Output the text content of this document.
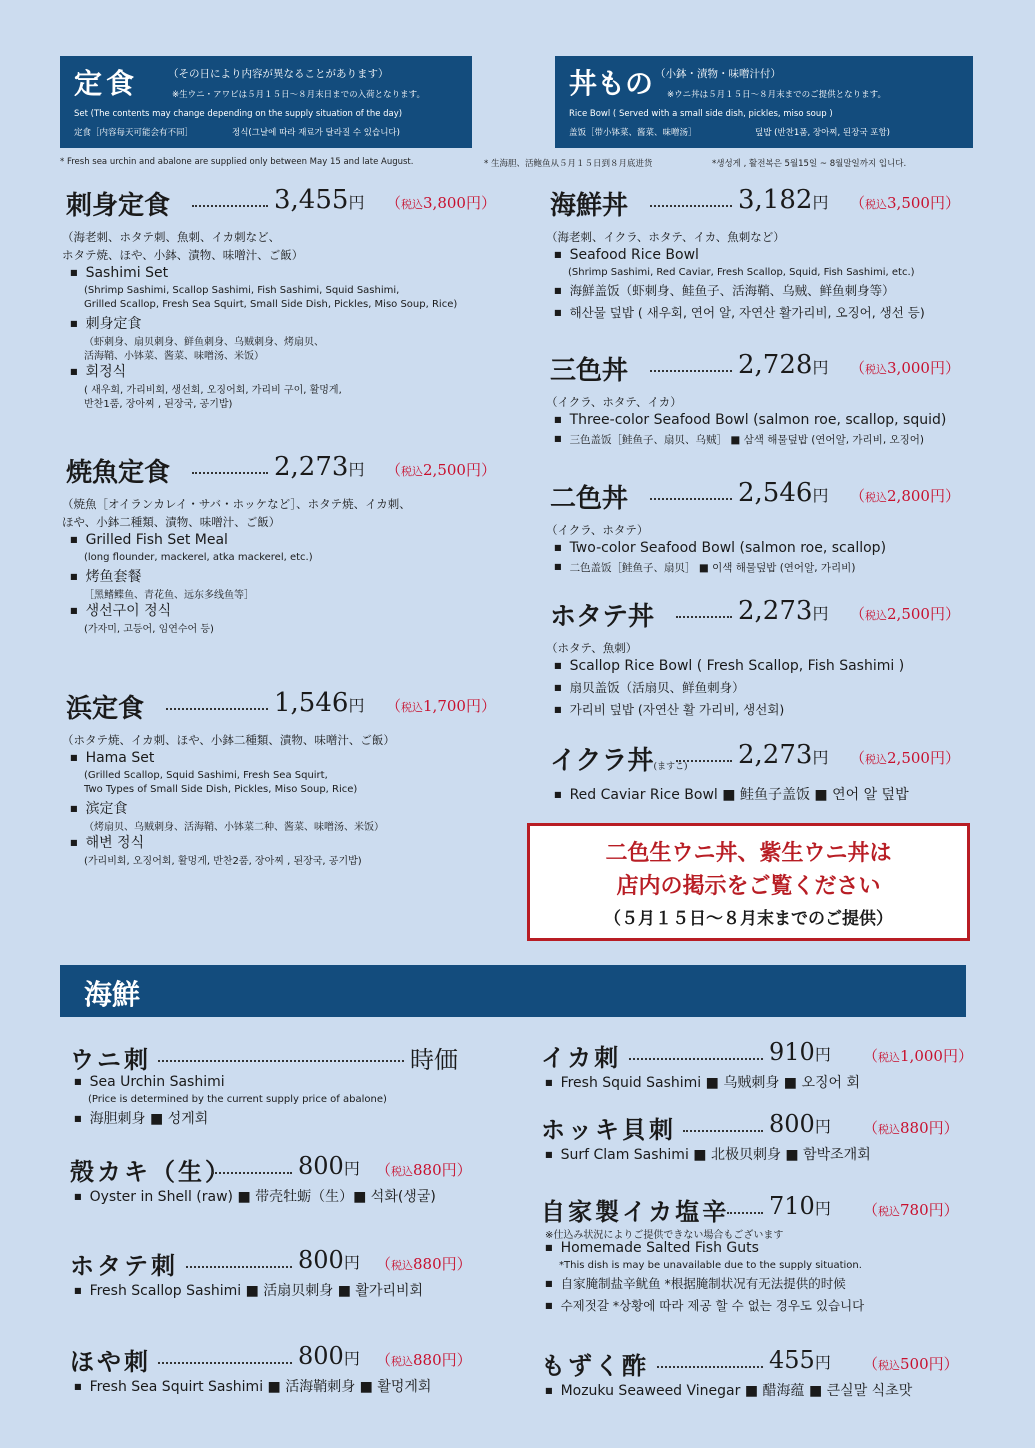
定食	（その日により内容が異なることがあります）
※生ウニ・アワビは５月１５日～８月末日までの入荷となります。
Set (The contents may change depending on the supply situation of the day)
定食［内容每天可能会有不同］	정식(그날에 따라 재료가 달라질 수 있습니다)
丼もの （小鉢・漬物・味噌汁付）
※ウニ丼は５月１５日～８月末までのご提供となります。
Rice Bowl ( Served with a small side dish, pickles, miso soup )
盖饭［带小钵菜、酱菜、味噌汤］	덮밥 (반찬1품, 장아찌, 된장국 포함)
* Fresh sea urchin and abalone are supplied only between May 15 and late August.	* 生海胆、活鲍鱼从５月１５日到８月底进货	*생성게 , 활전복은 5월15일 ~ 8월말일까지 입니다.
刺身定食	3,455円 （税込3,800円）
（海老刺、ホタテ刺、魚刺、イカ刺など、
ホタテ焼、ほや、小鉢、漬物、味噌汁、ご飯）
■ Sashimi Set
(Shrimp Sashimi, Scallop Sashimi, Fish Sashimi, Squid Sashimi,
Grilled Scallop, Fresh Sea Squirt, Small Side Dish, Pickles, Miso Soup, Rice)
■ 刺身定食
（虾刺身、扇贝刺身、鲜鱼刺身、乌贼刺身、烤扇贝、
活海鞘、小钵菜、酱菜、味噌汤、米饭）
■ 회정식
( 새우회, 가리비회, 생선회, 오징어회, 가리비 구이, 활멍게,
반찬1품, 장아찌 , 된장국, 공기밥)
焼魚定食	2,273円 （税込2,500円）
（焼魚［オイランカレイ・サバ・ホッケなど］、ホタテ焼、イカ刺、
ほや、小鉢二種類、漬物、味噌汁、ご飯）
■ Grilled Fish Set Meal
(long flounder, mackerel, atka mackerel, etc.)
■ 烤鱼套餐
［黑鳍鲽鱼、青花鱼、远东多线鱼等］
■ 생선구이 정식
(가자미, 고등어, 임연수어 등)
浜定食	1,546円 （税込1,700円）
（ホタテ焼、イカ刺、ほや、小鉢二種類、漬物、味噌汁、ご飯）
■ Hama Set
(Grilled Scallop, Squid Sashimi, Fresh Sea Squirt,
Two Types of Small Side Dish, Pickles, Miso Soup, Rice)
■ 滨定食
（烤扇贝、乌贼刺身、活海鞘、小钵菜二种、酱菜、味噌汤、米饭）
■ 해변 정식
(가리비회, 오징어회, 활멍게, 반찬2품, 장아찌 , 된장국, 공기밥)
海鮮丼	3,182円 （税込3,500円）
（海老刺、イクラ、ホタテ、イカ、魚刺など）
■ Seafood Rice Bowl
(Shrimp Sashimi, Red Caviar, Fresh Scallop, Squid, Fish Sashimi, etc.)
■ 海鮮盖饭（虾刺身、鲑鱼子、活海鞘、乌贼、鲜鱼刺身等）
■ 해산물 덮밥 ( 새우회, 연어 알, 자연산 활가리비, 오징어, 생선 등)
三色丼	2,728円 （税込3,000円）
（イクラ、ホタテ、イカ）
■ Three-color Seafood Bowl (salmon roe, scallop, squid)
■ 三色盖饭［鲑鱼子、扇贝、乌贼］ ■ 삼색 해물덮밥 (연어알, 가리비, 오징어)
二色丼	2,546円 （税込2,800円）
（イクラ、ホタテ）
■ Two-color Seafood Bowl (salmon roe, scallop)
■ 二色盖饭［鲑鱼子、扇贝］ ■ 이색 해물덮밥 (연어알, 가리비)
ホタテ丼	2,273円 （税込2,500円）
（ホタテ、魚刺）
■ Scallop Rice Bowl ( Fresh Scallop, Fish Sashimi )
■ 扇贝盖饭（活扇贝、鲜鱼刺身）
■ 가리비 덮밥 (자연산 활 가리비, 생선회)
イクラ丼(ますこ) 2,273円 （税込2,500円）
■ Red Caviar Rice Bowl ■ 鲑鱼子盖饭 ■ 연어 알 덮밥
ウニ刺	時価
■ Sea Urchin Sashimi
(Price is determined by the current supply price of abalone)
■ 海胆刺身 ■ 성게회
殻カキ（生）	800円 （税込880円）
■ Oyster in Shell (raw) ■ 带壳牡蛎（生）■ 석화(생굴)
ホタテ刺	800円 （税込880円）
■ Fresh Scallop Sashimi ■ 活扇贝刺身 ■ 활가리비회
ほや刺	800円 （税込880円）
■ Fresh Sea Squirt Sashimi ■ 活海鞘刺身 ■ 활멍게회
イカ刺	910円 （税込1,000円）
■ Fresh Squid Sashimi ■ 乌贼刺身 ■ 오징어 회
ホッキ貝刺	800円 （税込880円）
■ Surf Clam Sashimi ■ 北极贝刺身 ■ 함박조개회
自家製イカ塩辛 710円 （税込780円）
※仕込み状況によりご提供できない場合もございます
■ Homemade Salted Fish Guts
*This dish is may be unavailable due to the supply situation.
■ 自家腌制盐辛鱿鱼 *根据腌制状况有无法提供的时候
■ 수제젓갈 *상황에 따라 제공 할 수 없는 경우도 있습니다
もずく酢	455円 （税込500円）
■ Mozuku Seaweed Vinegar ■ 醋海蕴 ■ 큰실말 식초맛
二色生ウニ丼、紫生ウニ丼は
店内の掲示をご覧ください
（５月１５日～８月末までのご提供）
海鮮
